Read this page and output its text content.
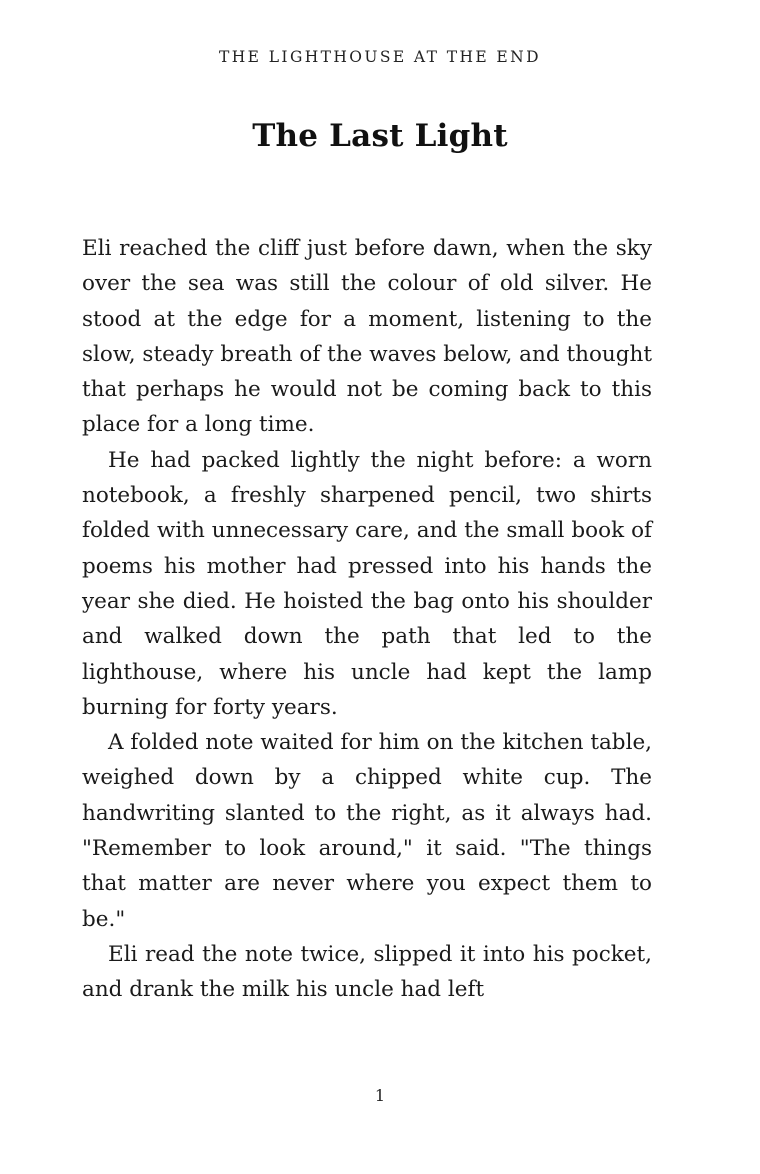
THE LIGHTHOUSE AT THE END
The Last Light

Eli reached the cliff just before dawn, when the sky over the sea was still the colour of old silver. He stood at the edge for a moment, listening to the slow, steady breath of the waves below, and thought that perhaps he would not be coming back to this place for a long time.

He had packed lightly the night before: a worn notebook, a freshly sharpened pencil, two shirts folded with unnecessary care, and the small book of poems his mother had pressed into his hands the year she died. He hoisted the bag onto his shoulder and walked down the path that led to the lighthouse, where his uncle had kept the lamp burning for forty years.

A folded note waited for him on the kitchen table, weighed down by a chipped white cup. The handwriting slanted to the right, as it always had. "Remember to look around," it said. "The things that matter are never where you expect them to be."

Eli read the note twice, slipped it into his pocket, and drank the milk his uncle had left

1
